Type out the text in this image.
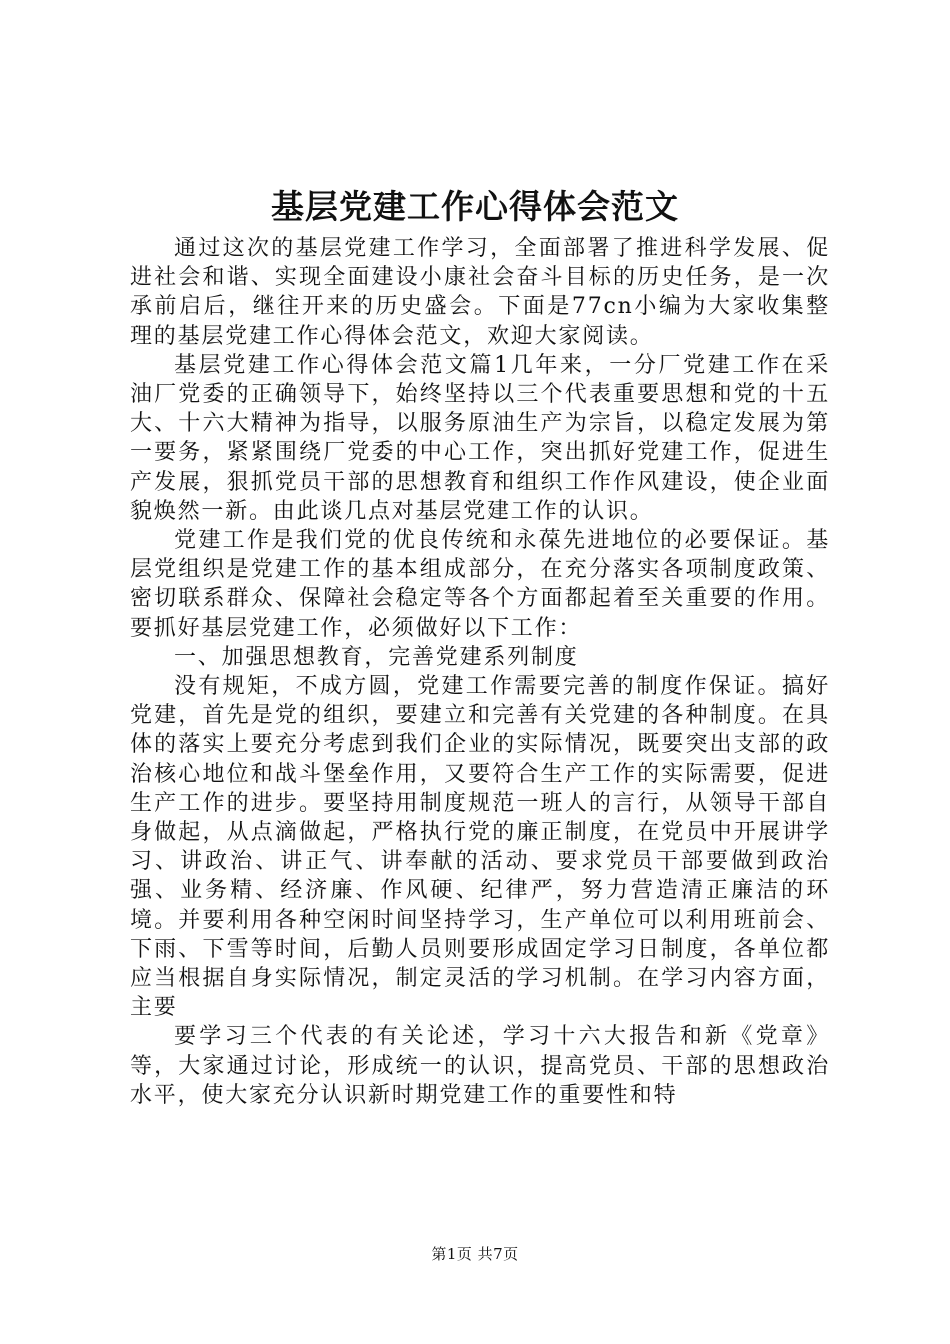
基层党建工作心得体会范文

通过这次的基层党建工作学习，全面部署了推进科学发展、促进社会和谐、实现全面建设小康社会奋斗目标的历史任务，是一次承前启后，继往开来的历史盛会。下面是77cn小编为大家收集整理的基层党建工作心得体会范文，欢迎大家阅读。

基层党建工作心得体会范文篇1几年来，一分厂党建工作在采油厂党委的正确领导下，始终坚持以三个代表重要思想和党的十五大、十六大精神为指导，以服务原油生产为宗旨，以稳定发展为第一要务，紧紧围绕厂党委的中心工作，突出抓好党建工作，促进生产发展，狠抓党员干部的思想教育和组织工作作风建设，使企业面貌焕然一新。由此谈几点对基层党建工作的认识。

党建工作是我们党的优良传统和永葆先进地位的必要保证。基层党组织是党建工作的基本组成部分，在充分落实各项制度政策、密切联系群众、保障社会稳定等各个方面都起着至关重要的作用。要抓好基层党建工作，必须做好以下工作：

一、加强思想教育，完善党建系列制度

没有规矩，不成方圆，党建工作需要完善的制度作保证。搞好党建，首先是党的组织，要建立和完善有关党建的各种制度。在具体的落实上要充分考虑到我们企业的实际情况，既要突出支部的政治核心地位和战斗堡垒作用，又要符合生产工作的实际需要，促进生产工作的进步。要坚持用制度规范一班人的言行，从领导干部自身做起，从点滴做起，严格执行党的廉正制度，在党员中开展讲学习、讲政治、讲正气、讲奉献的活动、要求党员干部要做到政治强、业务精、经济廉、作风硬、纪律严，努力营造清正廉洁的环境。并要利用各种空闲时间坚持学习，生产单位可以利用班前会、下雨、下雪等时间，后勤人员则要形成固定学习日制度，各单位都应当根据自身实际情况，制定灵活的学习机制。在学习内容方面，主要

要学习三个代表的有关论述，学习十六大报告和新《党章》等，大家通过讨论，形成统一的认识，提高党员、干部的思想政治水平，使大家充分认识新时期党建工作的重要性和特

第1页 共7页
